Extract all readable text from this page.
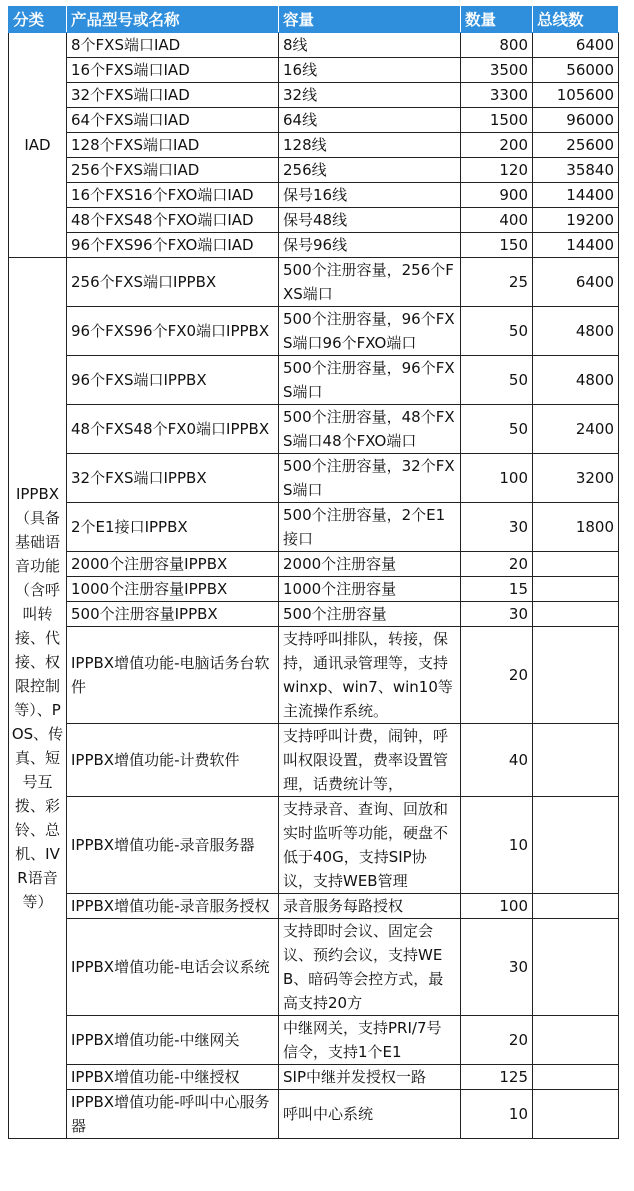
分类	产品型号或名称	容量	数量	总线数
IAD	8个FXS端口IAD	8线	800	6400
	16个FXS端口IAD	16线	3500	56000
	32个FXS端口IAD	32线	3300	105600
	64个FXS端口IAD	64线	1500	96000
	128个FXS端口IAD	128线	200	25600
	256个FXS端口IAD	256线	120	35840
	16个FXS16个FXO端口IAD	保号16线	900	14400
	48个FXS48个FXO端口IAD	保号48线	400	19200
	96个FXS96个FXO端口IAD	保号96线	150	14400
IPPBX（具备基础语音功能（含呼叫转接、代接、权限控制等）、POS、传真、短号互拨、彩铃、总机、IVR语音等）	256个FXS端口IPPBX	500个注册容量，256个FXS端口	25	6400
	96个FXS96个FX0端口IPPBX	500个注册容量，96个FXS端口96个FXO端口	50	4800
	96个FXS端口IPPBX	500个注册容量，96个FXS端口	50	4800
	48个FXS48个FX0端口IPPBX	500个注册容量，48个FXS端口48个FXO端口	50	2400
	32个FXS端口IPPBX	500个注册容量，32个FXS端口	100	3200
	2个E1接口IPPBX	500个注册容量，2个E1接口	30	1800
	2000个注册容量IPPBX	2000个注册容量	20	
	1000个注册容量IPPBX	1000个注册容量	15	
	500个注册容量IPPBX	500个注册容量	30	
	IPPBX增值功能-电脑话务台软件	支持呼叫排队，转接，保持，通讯录管理等，支持winxp、win7、win10等主流操作系统。	20	
	IPPBX增值功能-计费软件	支持呼叫计费，闹钟，呼叫权限设置，费率设置管理，话费统计等，	40	
	IPPBX增值功能-录音服务器	支持录音、查询、回放和实时监听等功能，硬盘不低于40G，支持SIP协议，支持WEB管理	10	
	IPPBX增值功能-录音服务授权	录音服务每路授权	100	
	IPPBX增值功能-电话会议系统	支持即时会议、固定会议、预约会议，支持WEB、暗码等会控方式，最高支持20方	30	
	IPPBX增值功能-中继网关	中继网关，支持PRI/7号信令，支持1个E1	20	
	IPPBX增值功能-中继授权	SIP中继并发授权一路	125	
	IPPBX增值功能-呼叫中心服务器	呼叫中心系统	10	
